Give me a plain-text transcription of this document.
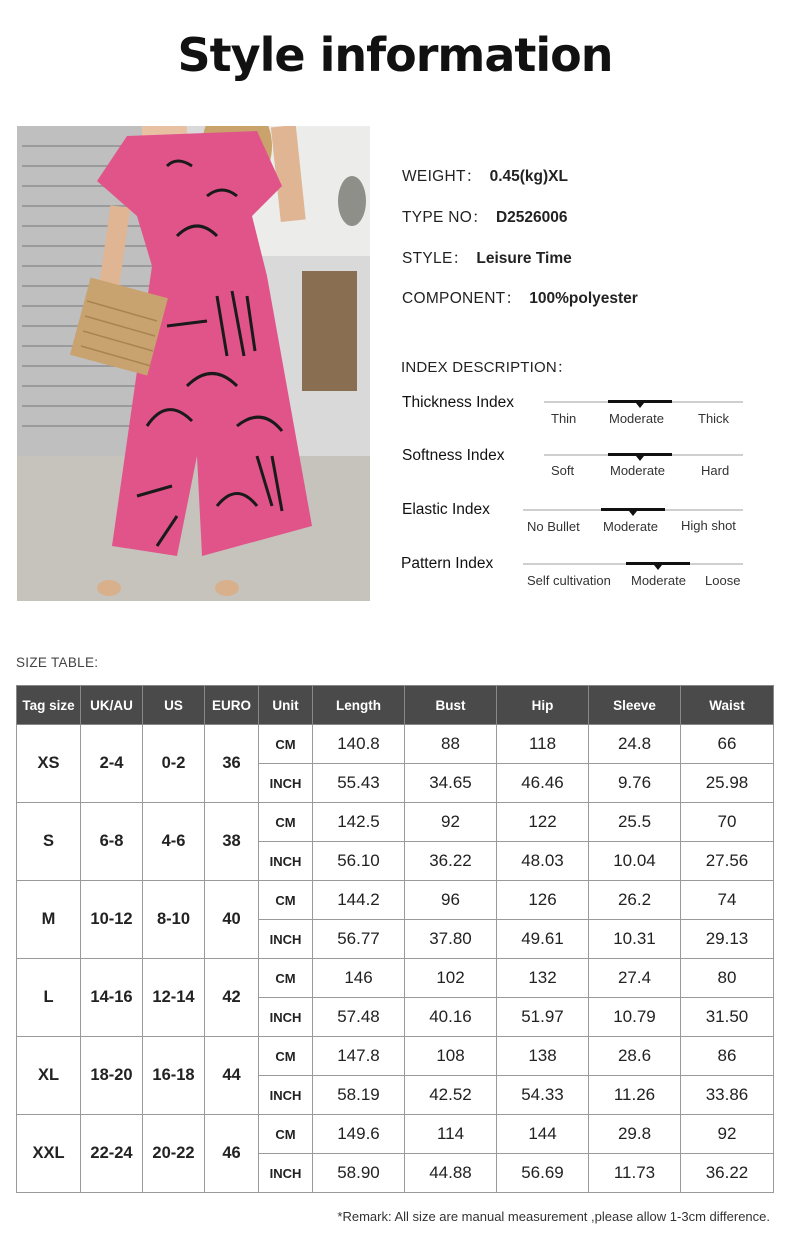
Style information
WEIGHT： 0.45(kg)XL
TYPE NO： D2526006
STYLE： Leisure Time
COMPONENT： 100%polyester
INDEX DESCRIPTION：
Thickness Index
Thin	Moderate	Thick
Softness Index
Soft	Moderate	Hard
Elastic Index
No Bullet Moderate High shot
Pattern Index
Self cultivation Moderate Loose
SIZE TABLE:
Tag size	UK/AU	US	EURO	Unit	Length	Bust	Hip	Sleeve	Waist
XS	2-4	0-2	36	CM	140.8	88	118	24.8	66
				INCH	55.43	34.65	46.46	9.76	25.98
S	6-8	4-6	38	CM	142.5	92	122	25.5	70
				INCH	56.10	36.22	48.03	10.04	27.56
M	10-12	8-10	40	CM	144.2	96	126	26.2	74
				INCH	56.77	37.80	49.61	10.31	29.13
L	14-16	12-14	42	CM	146	102	132	27.4	80
				INCH	57.48	40.16	51.97	10.79	31.50
XL	18-20	16-18	44	CM	147.8	108	138	28.6	86
				INCH	58.19	42.52	54.33	11.26	33.86
XXL	22-24	20-22	46	CM	149.6	114	144	29.8	92
				INCH	58.90	44.88	56.69	11.73	36.22
*Remark: All size are manual measurement ,please allow 1-3cm difference.
